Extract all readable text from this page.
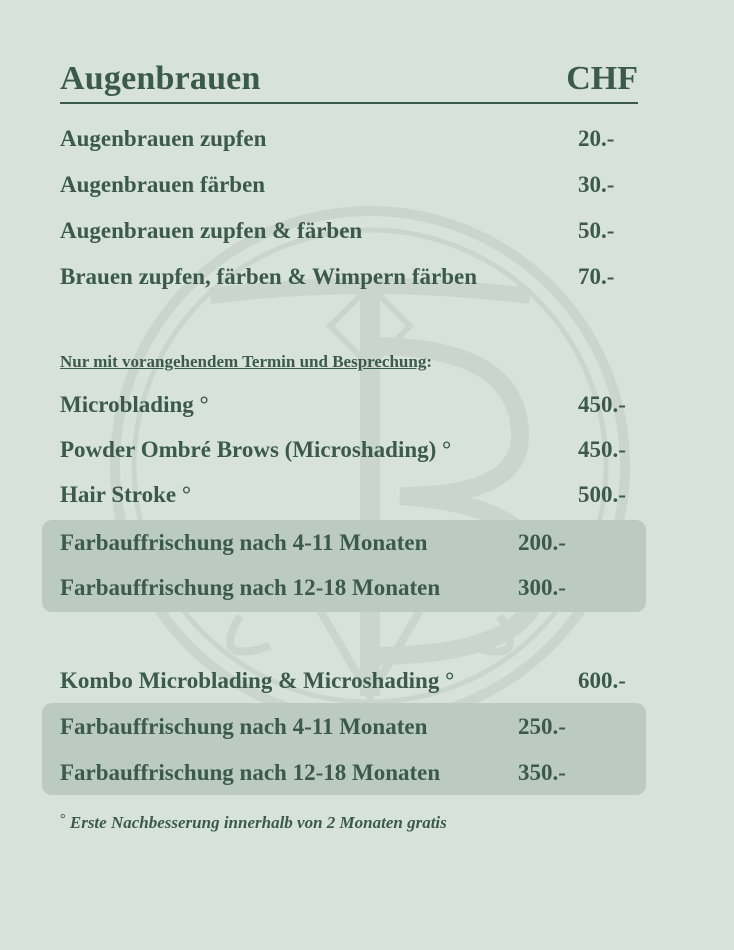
Augenbrauen	CHF
Augenbrauen zupfen	20.-
Augenbrauen färben	30.-
Augenbrauen zupfen & färben	50.-
Brauen zupfen, färben & Wimpern färben	70.-
Nur mit vorangehendem Termin und Besprechung:
Microblading °	450.-
Powder Ombré Brows (Microshading) °	450.-
Hair Stroke °	500.-
Farbauffrischung nach 4-11 Monaten	200.-
Farbauffrischung nach 12-18 Monaten	300.-
Kombo Microblading & Microshading °	600.-
Farbauffrischung nach 4-11 Monaten	250.-
Farbauffrischung nach 12-18 Monaten	350.-
° Erste Nachbesserung innerhalb von 2 Monaten gratis
